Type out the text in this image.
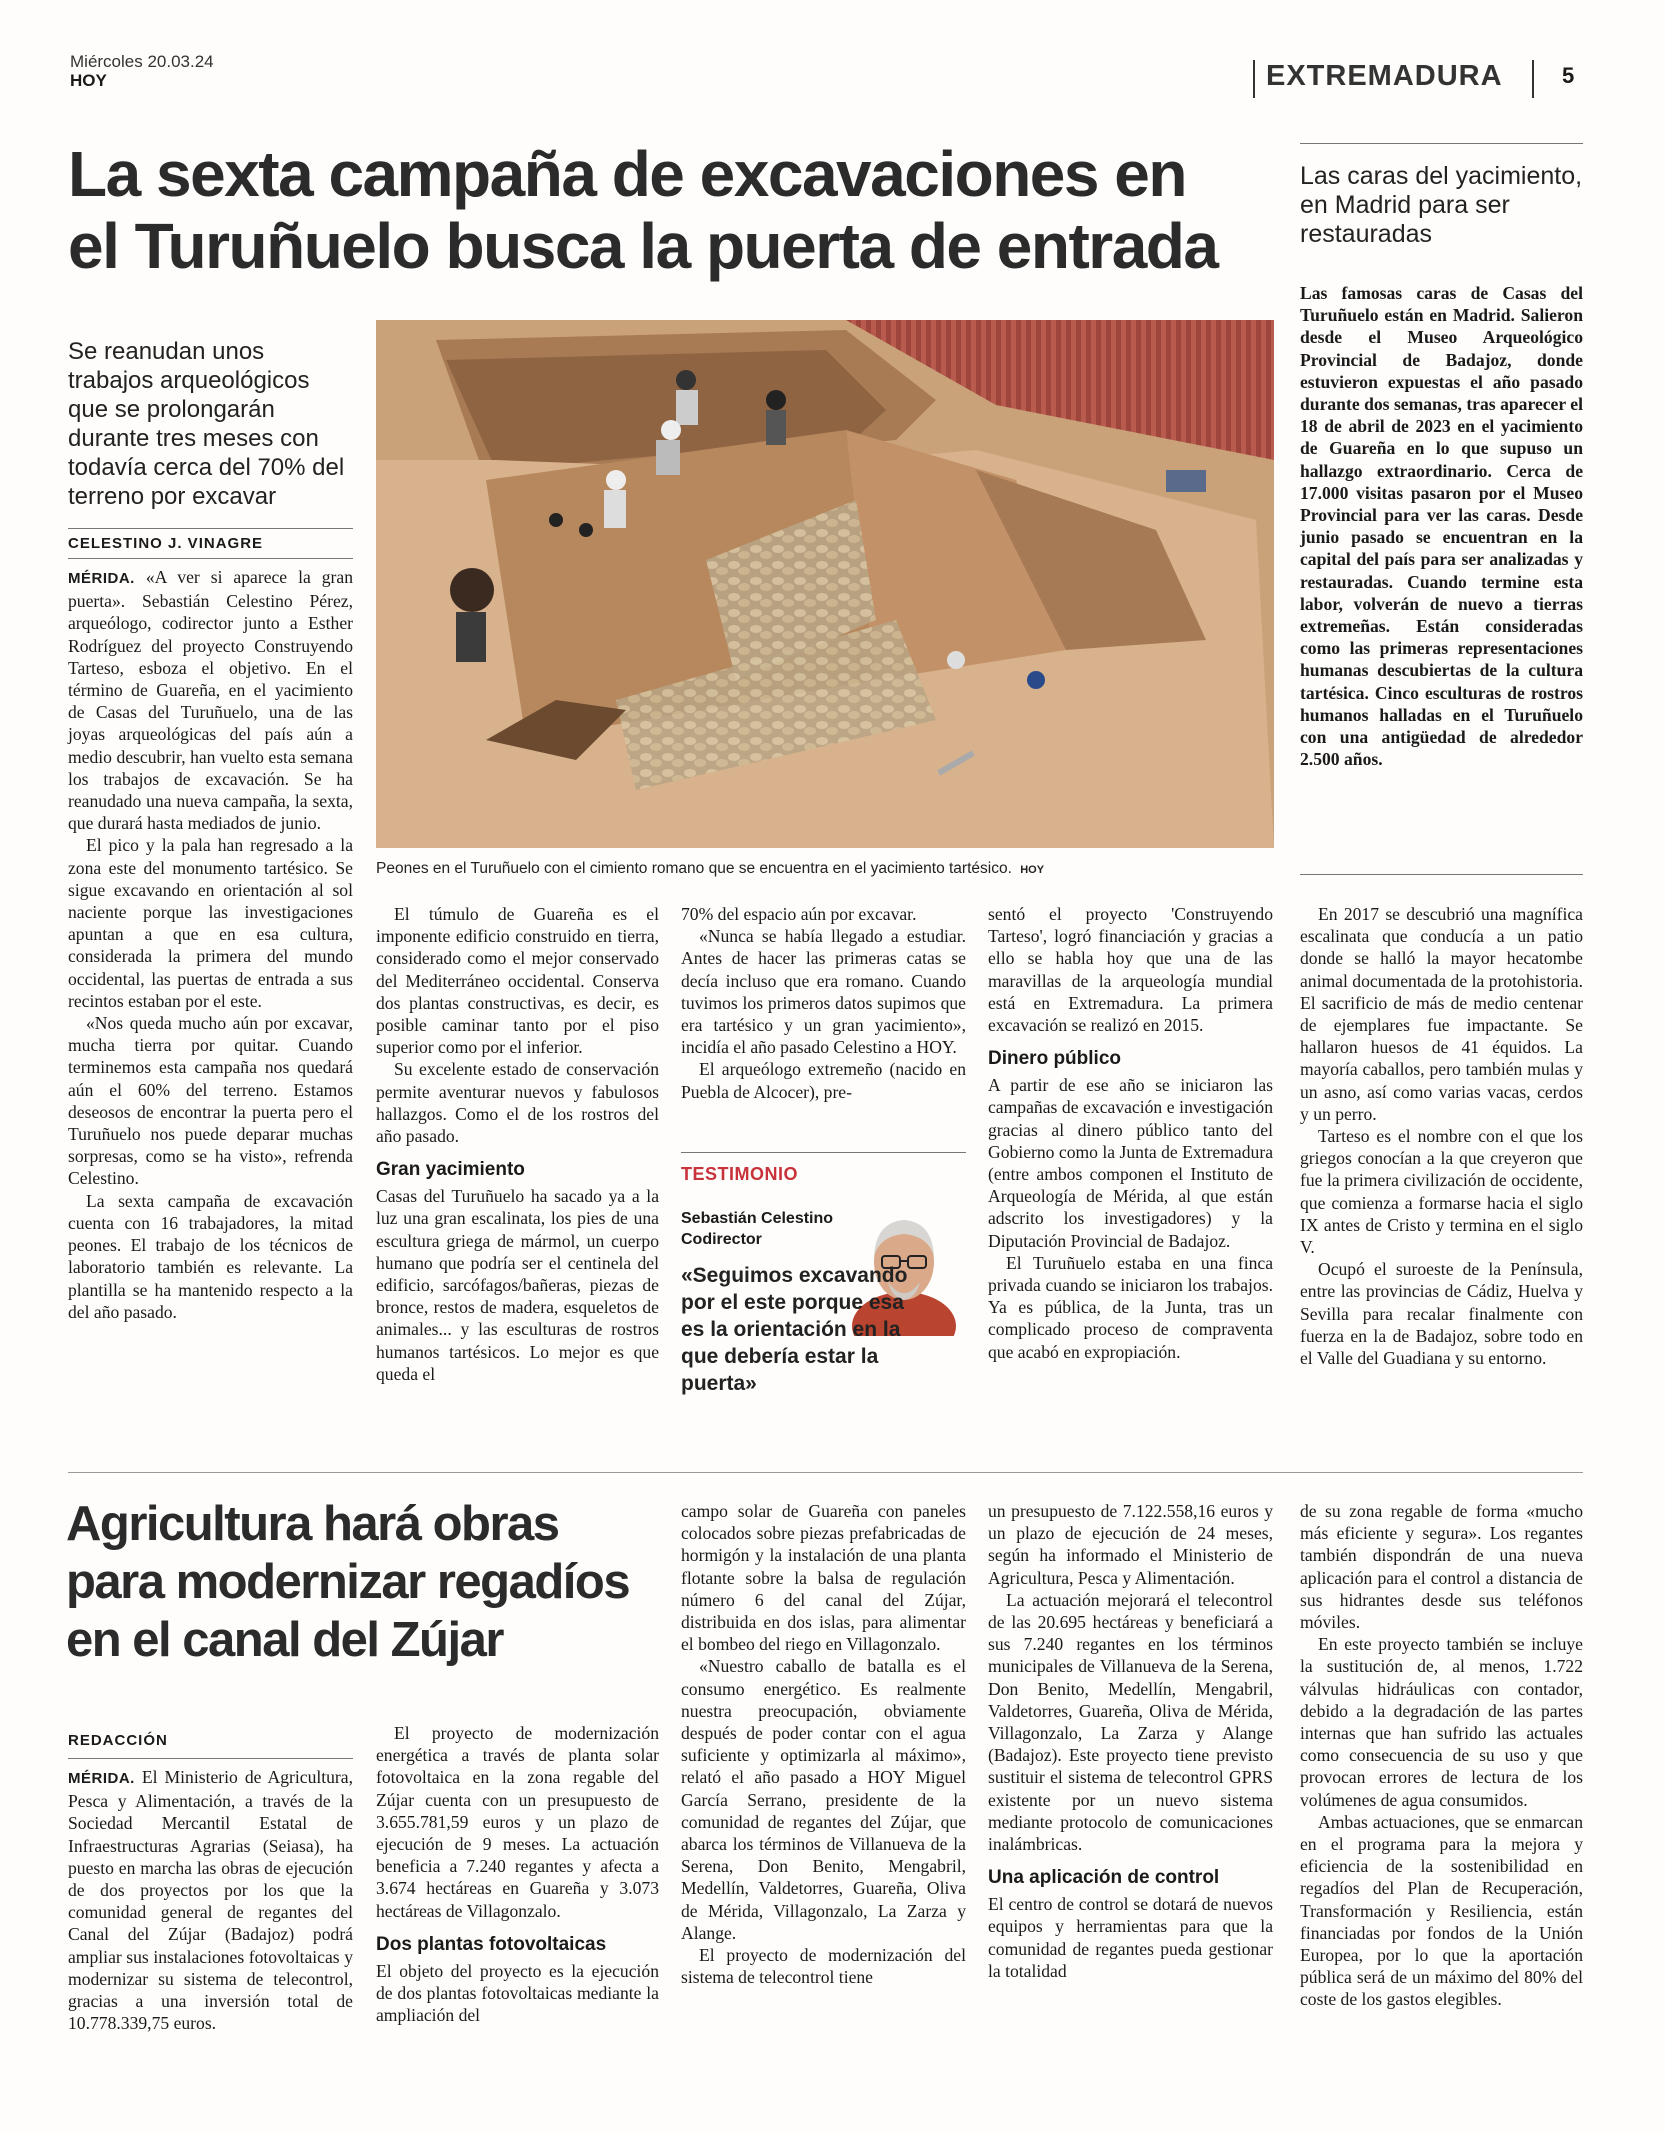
Miércoles 20.03.24
HOY	EXTREMADURA	5
La sexta campaña de excavaciones en
el Turuñuelo busca la puerta de entrada
Se reanudan unos trabajos arqueológicos que se prolongarán durante tres meses con todavía cerca del 70% del terreno por excavar
CELESTINO J. VINAGRE
Peones en el Turuñuelo con el cimiento romano que se encuentra en el yacimiento tartésico. HOY
Las caras del yacimiento, en Madrid para ser restauradas
Las famosas caras de Casas del Turuñuelo están en Madrid. Salieron desde el Museo Arqueológico Provincial de Badajoz, donde estuvieron expuestas el año pasado durante dos semanas, tras aparecer el 18 de abril de 2023 en el yacimiento de Guareña en lo que supuso un hallazgo extraordinario. Cerca de 17.000 visitas pasaron por el Museo Provincial para ver las caras. Desde junio pasado se encuentran en la capital del país para ser analizadas y restauradas. Cuando termine esta labor, volverán de nuevo a tierras extremeñas. Están consideradas como las primeras representaciones humanas descubiertas de la cultura tartésica. Cinco esculturas de rostros humanos halladas en el Turuñuelo con una antigüedad de alrededor 2.500 años.

MÉRIDA. «A ver si aparece la gran puerta». Sebastián Celestino Pérez, arqueólogo, codirector junto a Esther Rodríguez del proyecto Construyendo Tarteso, esboza el objetivo. En el término de Guareña, en el yacimiento de Casas del Turuñuelo, una de las joyas arqueológicas del país aún a medio descubrir, han vuelto esta semana los trabajos de excavación. Se ha reanudado una nueva campaña, la sexta, que durará hasta mediados de junio.

El pico y la pala han regresado a la zona este del monumento tartésico. Se sigue excavando en orientación al sol naciente porque las investigaciones apuntan a que en esa cultura, considerada la primera del mundo occidental, las puertas de entrada a sus recintos estaban por el este.

«Nos queda mucho aún por excavar, mucha tierra por quitar. Cuando terminemos esta campaña nos quedará aún el 60% del terreno. Estamos deseosos de encontrar la puerta pero el Turuñuelo nos puede deparar muchas sorpresas, como se ha visto», refrenda Celestino.

La sexta campaña de excavación cuenta con 16 trabajadores, la mitad peones. El trabajo de los técnicos de laboratorio también es relevante. La plantilla se ha mantenido respecto a la del año pasado.

El túmulo de Guareña es el imponente edificio construido en tierra, considerado como el mejor conservado del Mediterráneo occidental. Conserva dos plantas constructivas, es decir, es posible caminar tanto por el piso superior como por el inferior.

Su excelente estado de conservación permite aventurar nuevos y fabulosos hallazgos. Como el de los rostros del año pasado.

Gran yacimiento

Casas del Turuñuelo ha sacado ya a la luz una gran escalinata, los pies de una escultura griega de mármol, un cuerpo humano que podría ser el centinela del edificio, sarcófagos/bañeras, piezas de bronce, restos de madera, esqueletos de animales... y las esculturas de rostros humanos tartésicos. Lo mejor es que queda el

70% del espacio aún por excavar.

«Nunca se había llegado a estudiar. Antes de hacer las primeras catas se decía incluso que era romano. Cuando tuvimos los primeros datos supimos que era tartésico y un gran yacimiento», incidía el año pasado Celestino a HOY.

El arqueólogo extremeño (nacido en Puebla de Alcocer), pre-

TESTIMONIO
Sebastián Celestino
Codirector
«Seguimos excavando por el este porque esa es la orientación en la que debería estar la puerta»

sentó el proyecto 'Construyendo Tarteso', logró financiación y gracias a ello se habla hoy que una de las maravillas de la arqueología mundial está en Extremadura. La primera excavación se realizó en 2015.

Dinero público

A partir de ese año se iniciaron las campañas de excavación e investigación gracias al dinero público tanto del Gobierno como la Junta de Extremadura (entre ambos componen el Instituto de Arqueología de Mérida, al que están adscrito los investigadores) y la Diputación Provincial de Badajoz.

El Turuñuelo estaba en una finca privada cuando se iniciaron los trabajos. Ya es pública, de la Junta, tras un complicado proceso de compraventa que acabó en expropiación.

En 2017 se descubrió una magnífica escalinata que conducía a un patio donde se halló la mayor hecatombe animal documentada de la protohistoria. El sacrificio de más de medio centenar de ejemplares fue impactante. Se hallaron huesos de 41 équidos. La mayoría caballos, pero también mulas y un asno, así como varias vacas, cerdos y un perro.

Tarteso es el nombre con el que los griegos conocían a la que creyeron que fue la primera civilización de occidente, que comienza a formarse hacia el siglo IX antes de Cristo y termina en el siglo V.

Ocupó el suroeste de la Península, entre las provincias de Cádiz, Huelva y Sevilla para recalar finalmente con fuerza en la de Badajoz, sobre todo en el Valle del Guadiana y su entorno.

Agricultura hará obras
para modernizar regadíos
en el canal del Zújar
REDACCIÓN

MÉRIDA. El Ministerio de Agricultura, Pesca y Alimentación, a través de la Sociedad Mercantil Estatal de Infraestructuras Agrarias (Seiasa), ha puesto en marcha las obras de ejecución de dos proyectos por los que la comunidad general de regantes del Canal del Zújar (Badajoz) podrá ampliar sus instalaciones fotovoltaicas y modernizar su sistema de telecontrol, gracias a una inversión total de 10.778.339,75 euros.

El proyecto de modernización energética a través de planta solar fotovoltaica en la zona regable del Zújar cuenta con un presupuesto de 3.655.781,59 euros y un plazo de ejecución de 9 meses. La actuación beneficia a 7.240 regantes y afecta a 3.674 hectáreas en Guareña y 3.073 hectáreas de Villagonzalo.

Dos plantas fotovoltaicas

El objeto del proyecto es la ejecución de dos plantas fotovoltaicas mediante la ampliación del

campo solar de Guareña con paneles colocados sobre piezas prefabricadas de hormigón y la instalación de una planta flotante sobre la balsa de regulación número 6 del canal del Zújar, distribuida en dos islas, para alimentar el bombeo del riego en Villagonzalo.

«Nuestro caballo de batalla es el consumo energético. Es realmente nuestra preocupación, obviamente después de poder contar con el agua suficiente y optimizarla al máximo», relató el año pasado a HOY Miguel García Serrano, presidente de la comunidad de regantes del Zújar, que abarca los términos de Villanueva de la Serena, Don Benito, Mengabril, Medellín, Valdetorres, Guareña, Oliva de Mérida, Villagonzalo, La Zarza y Alange.

El proyecto de modernización del sistema de telecontrol tiene

un presupuesto de 7.122.558,16 euros y un plazo de ejecución de 24 meses, según ha informado el Ministerio de Agricultura, Pesca y Alimentación.

La actuación mejorará el telecontrol de las 20.695 hectáreas y beneficiará a sus 7.240 regantes en los términos municipales de Villanueva de la Serena, Don Benito, Medellín, Mengabril, Valdetorres, Guareña, Oliva de Mérida, Villagonzalo, La Zarza y Alange (Badajoz). Este proyecto tiene previsto sustituir el sistema de telecontrol GPRS existente por un nuevo sistema mediante protocolo de comunicaciones inalámbricas.

Una aplicación de control

El centro de control se dotará de nuevos equipos y herramientas para que la comunidad de regantes pueda gestionar la totalidad

de su zona regable de forma «mucho más eficiente y segura». Los regantes también dispondrán de una nueva aplicación para el control a distancia de sus hidrantes desde sus teléfonos móviles.

En este proyecto también se incluye la sustitución de, al menos, 1.722 válvulas hidráulicas con contador, debido a la degradación de las partes internas que han sufrido las actuales como consecuencia de su uso y que provocan errores de lectura de los volúmenes de agua consumidos.

Ambas actuaciones, que se enmarcan en el programa para la mejora y eficiencia de la sostenibilidad en regadíos del Plan de Recuperación, Transformación y Resiliencia, están financiadas por fondos de la Unión Europea, por lo que la aportación pública será de un máximo del 80% del coste de los gastos elegibles.
